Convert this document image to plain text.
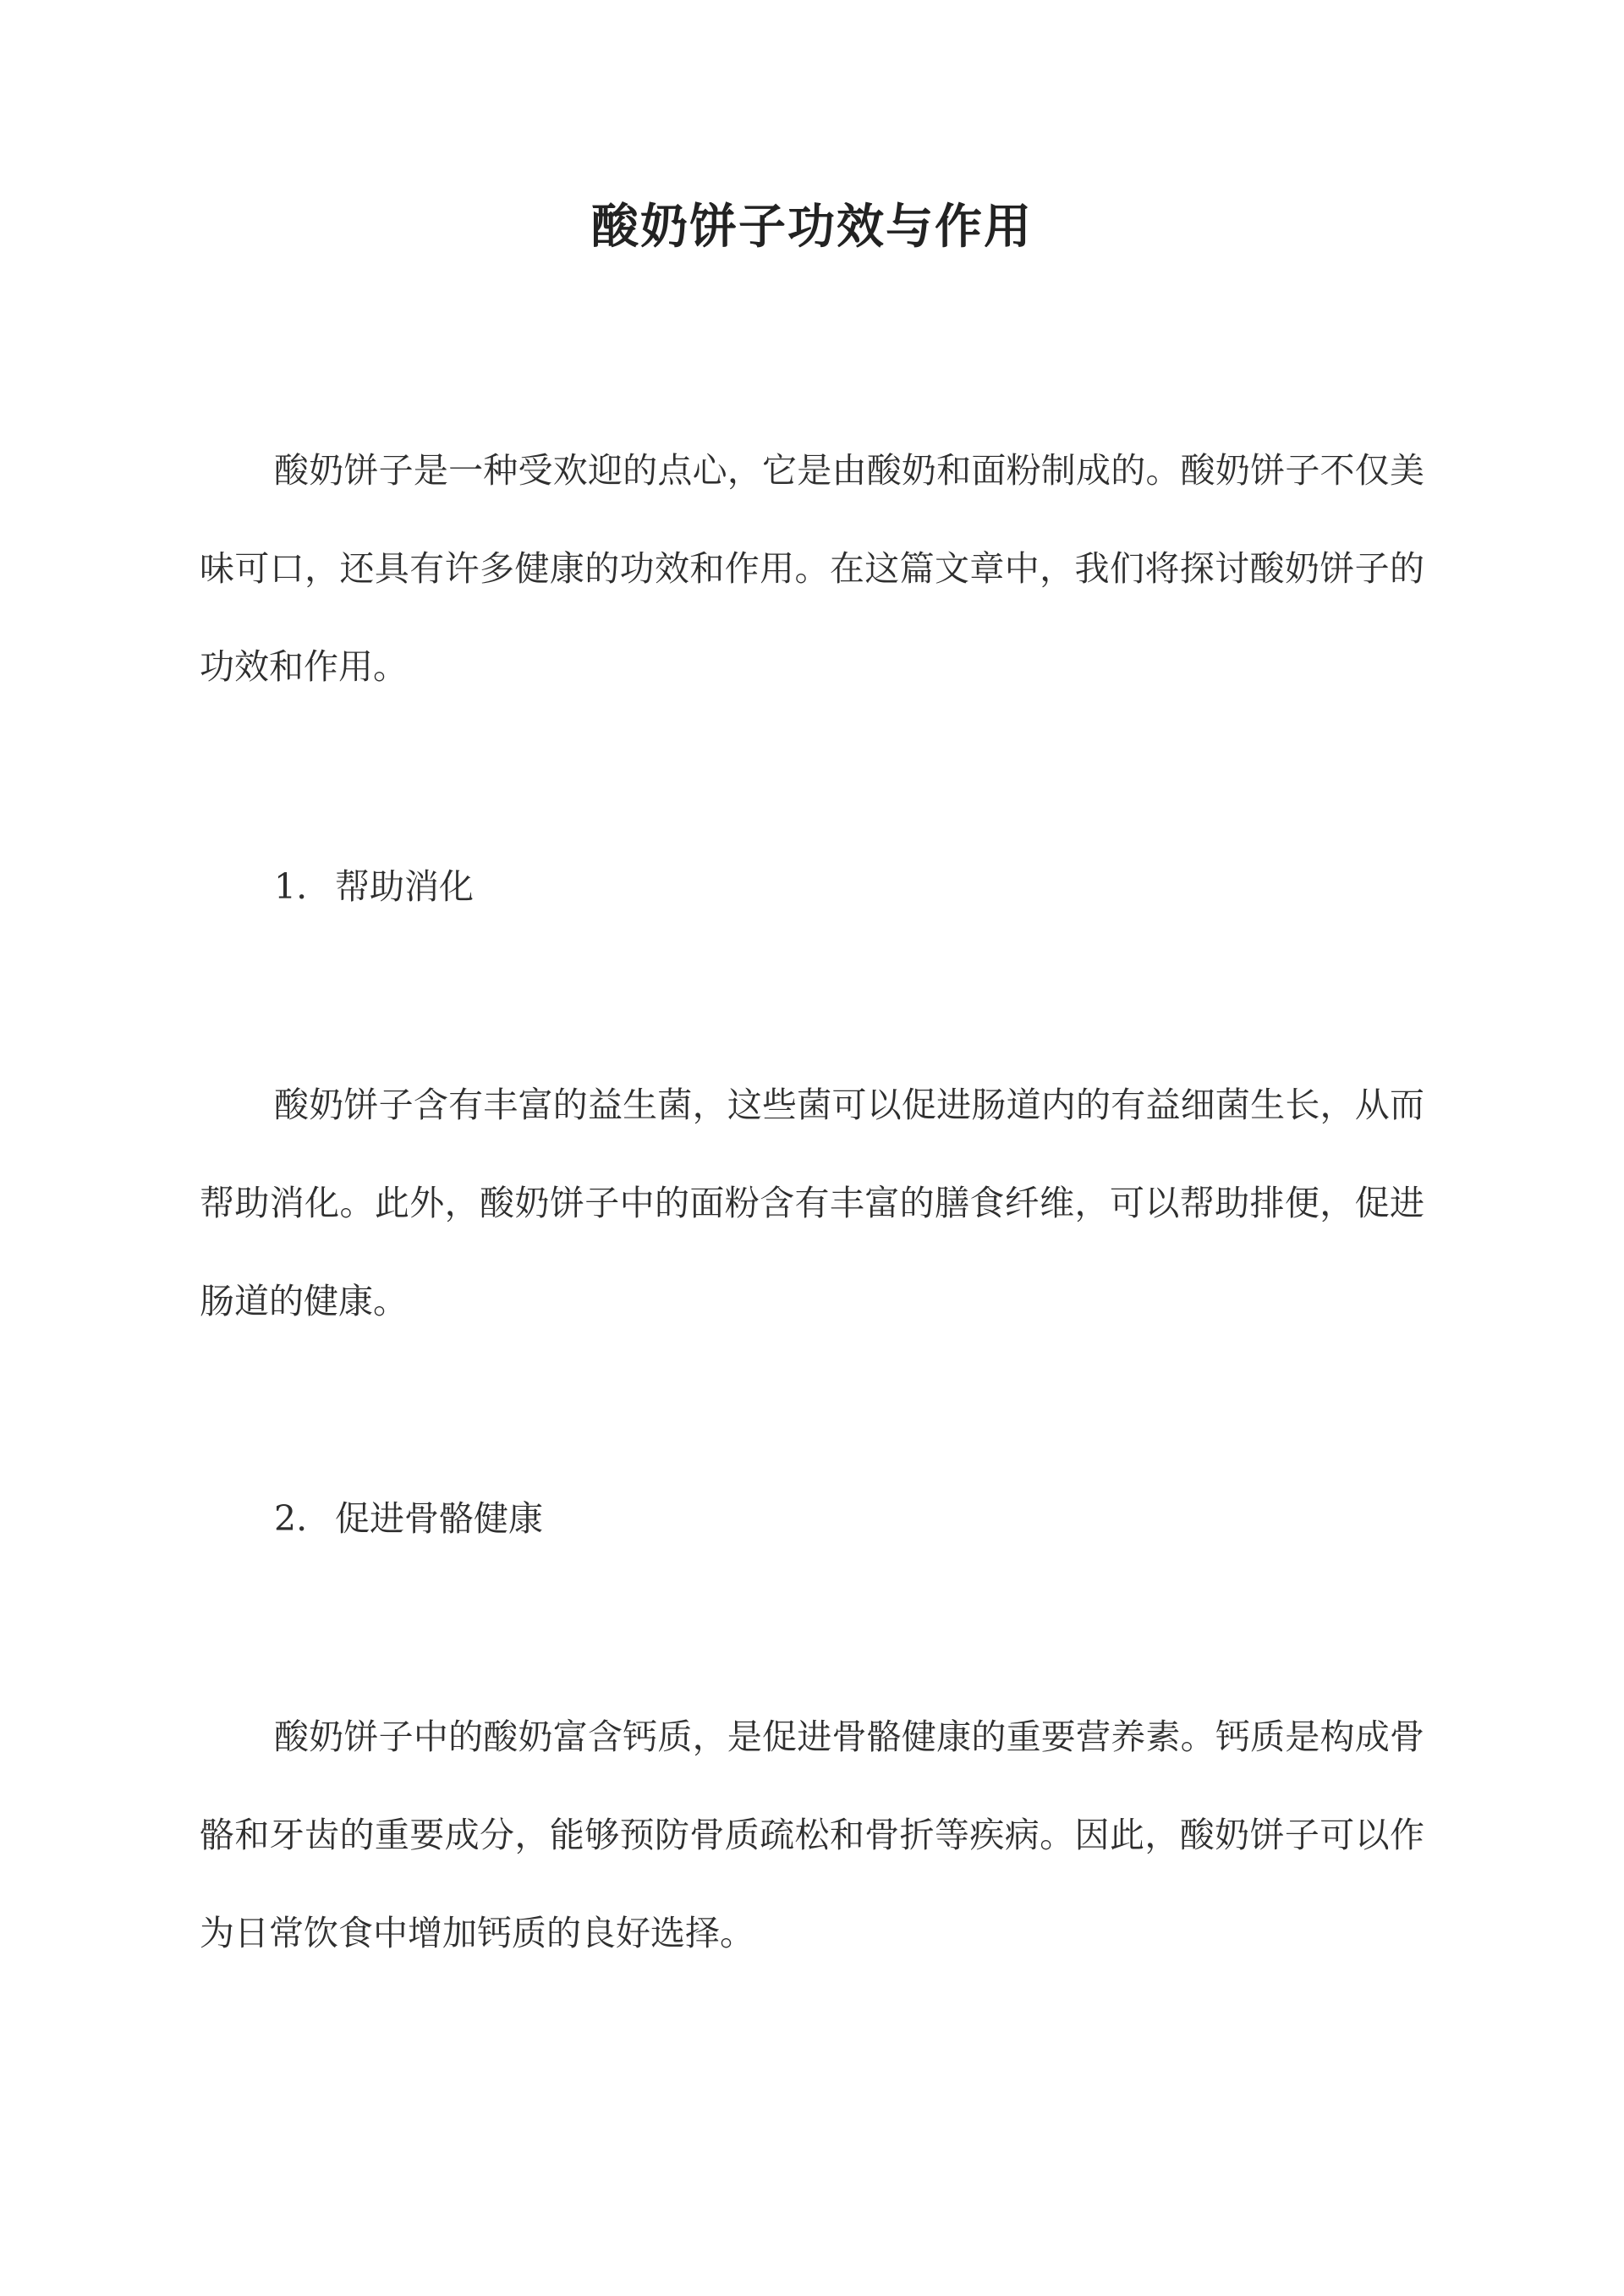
酸奶饼子功效与作用

酸奶饼子是一种受欢迎的点心，它是由酸奶和面粉制成的。酸奶饼子不仅美味可口，还具有许多健康的功效和作用。在这篇文章中，我们将探讨酸奶饼子的功效和作用。

1. 帮助消化

酸奶饼子含有丰富的益生菌，这些菌可以促进肠道内的有益细菌生长，从而帮助消化。此外，酸奶饼子中的面粉含有丰富的膳食纤维，可以帮助排便，促进肠道的健康。

2. 促进骨骼健康

酸奶饼子中的酸奶富含钙质，是促进骨骼健康的重要营养素。钙质是构成骨骼和牙齿的重要成分，能够预防骨质疏松和骨折等疾病。因此，酸奶饼子可以作为日常饮食中增加钙质的良好选择。
